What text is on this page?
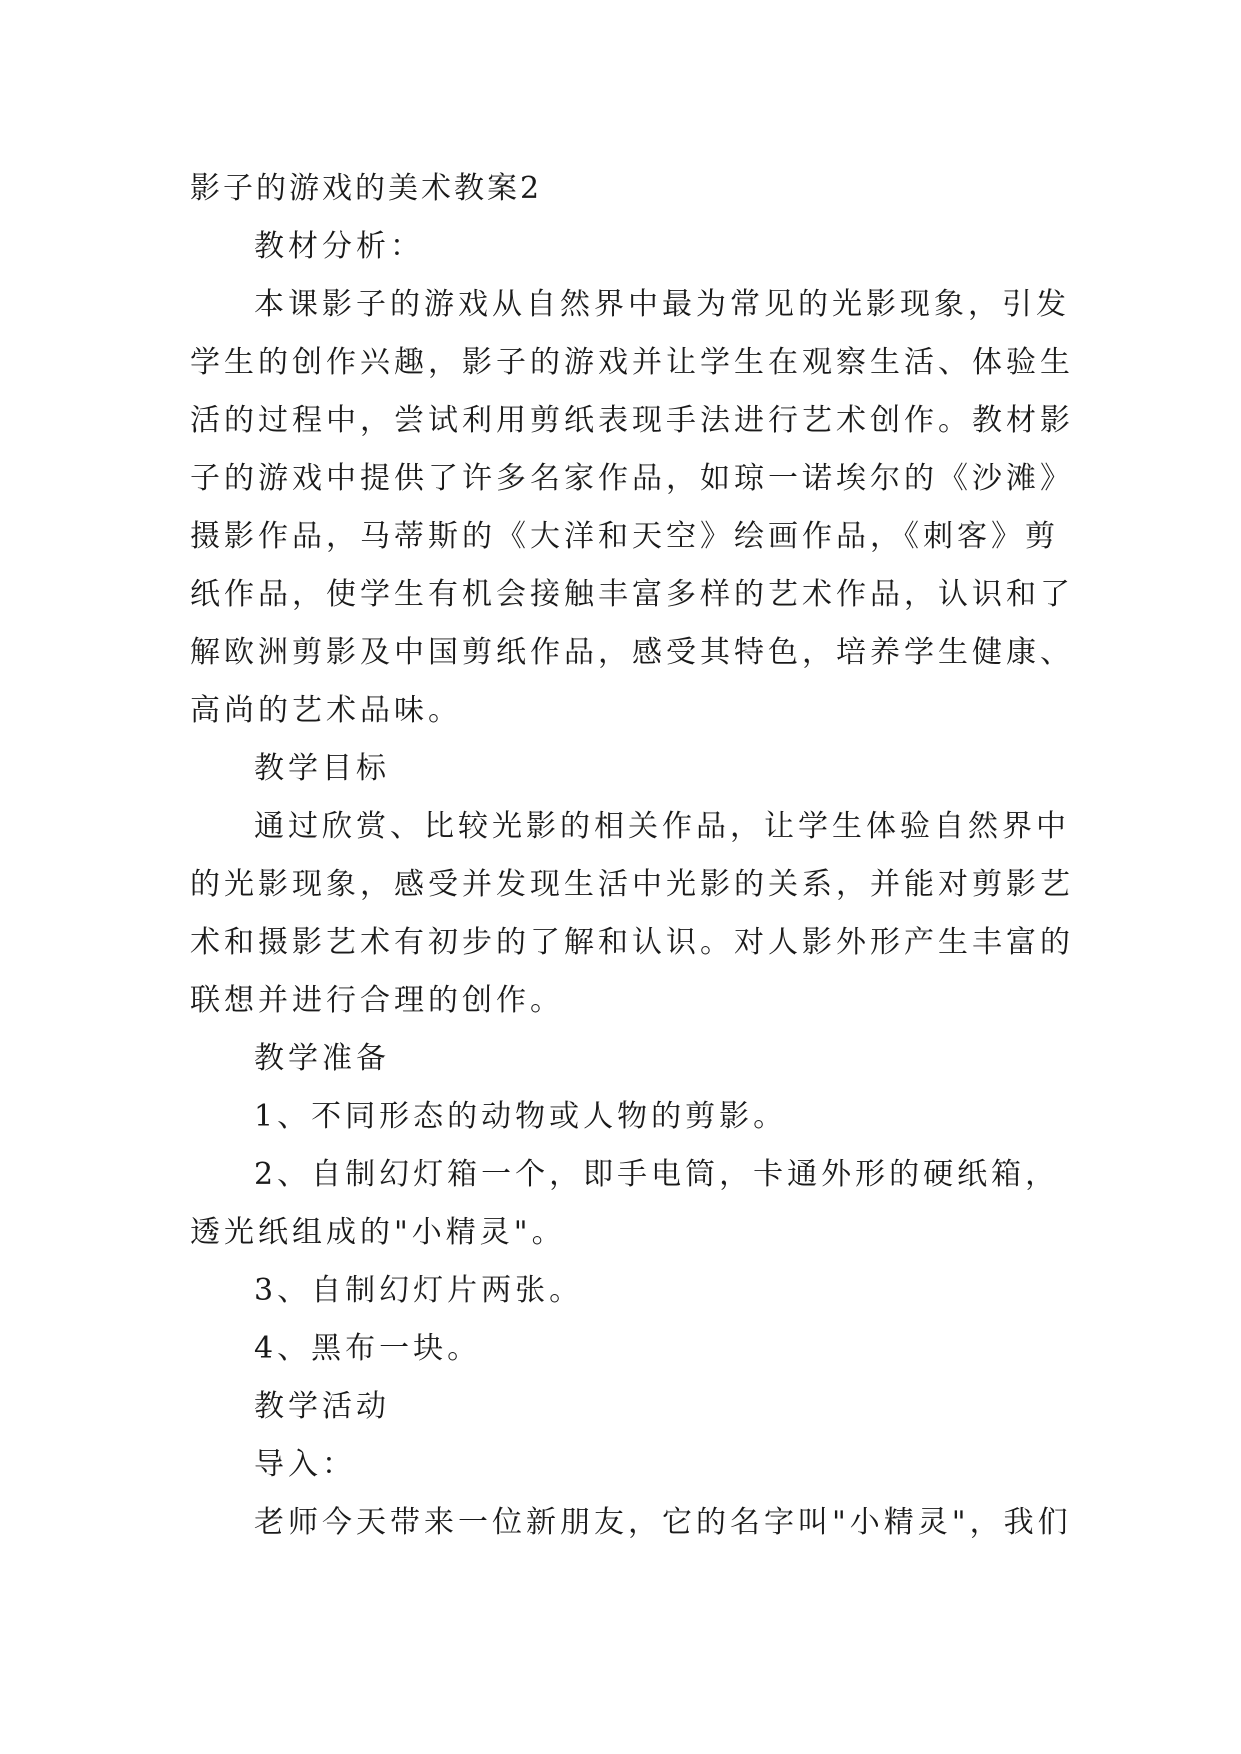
影子的游戏的美术教案2
教材分析：
本课影子的游戏从自然界中最为常见的光影现象，引发
学生的创作兴趣，影子的游戏并让学生在观察生活、体验生
活的过程中，尝试利用剪纸表现手法进行艺术创作。教材影
子的游戏中提供了许多名家作品，如琼一诺埃尔的《沙滩》
摄影作品，马蒂斯的《大洋和天空》绘画作品，《刺客》剪
纸作品，使学生有机会接触丰富多样的艺术作品，认识和了
解欧洲剪影及中国剪纸作品，感受其特色，培养学生健康、
高尚的艺术品味。
教学目标
通过欣赏、比较光影的相关作品，让学生体验自然界中
的光影现象，感受并发现生活中光影的关系，并能对剪影艺
术和摄影艺术有初步的了解和认识。对人影外形产生丰富的
联想并进行合理的创作。
教学准备
1、不同形态的动物或人物的剪影。
2、自制幻灯箱一个，即手电筒，卡通外形的硬纸箱，
透光纸组成的"小精灵"。
3、自制幻灯片两张。
4、黑布一块。
教学活动
导入：
老师今天带来一位新朋友，它的名字叫"小精灵"，我们
